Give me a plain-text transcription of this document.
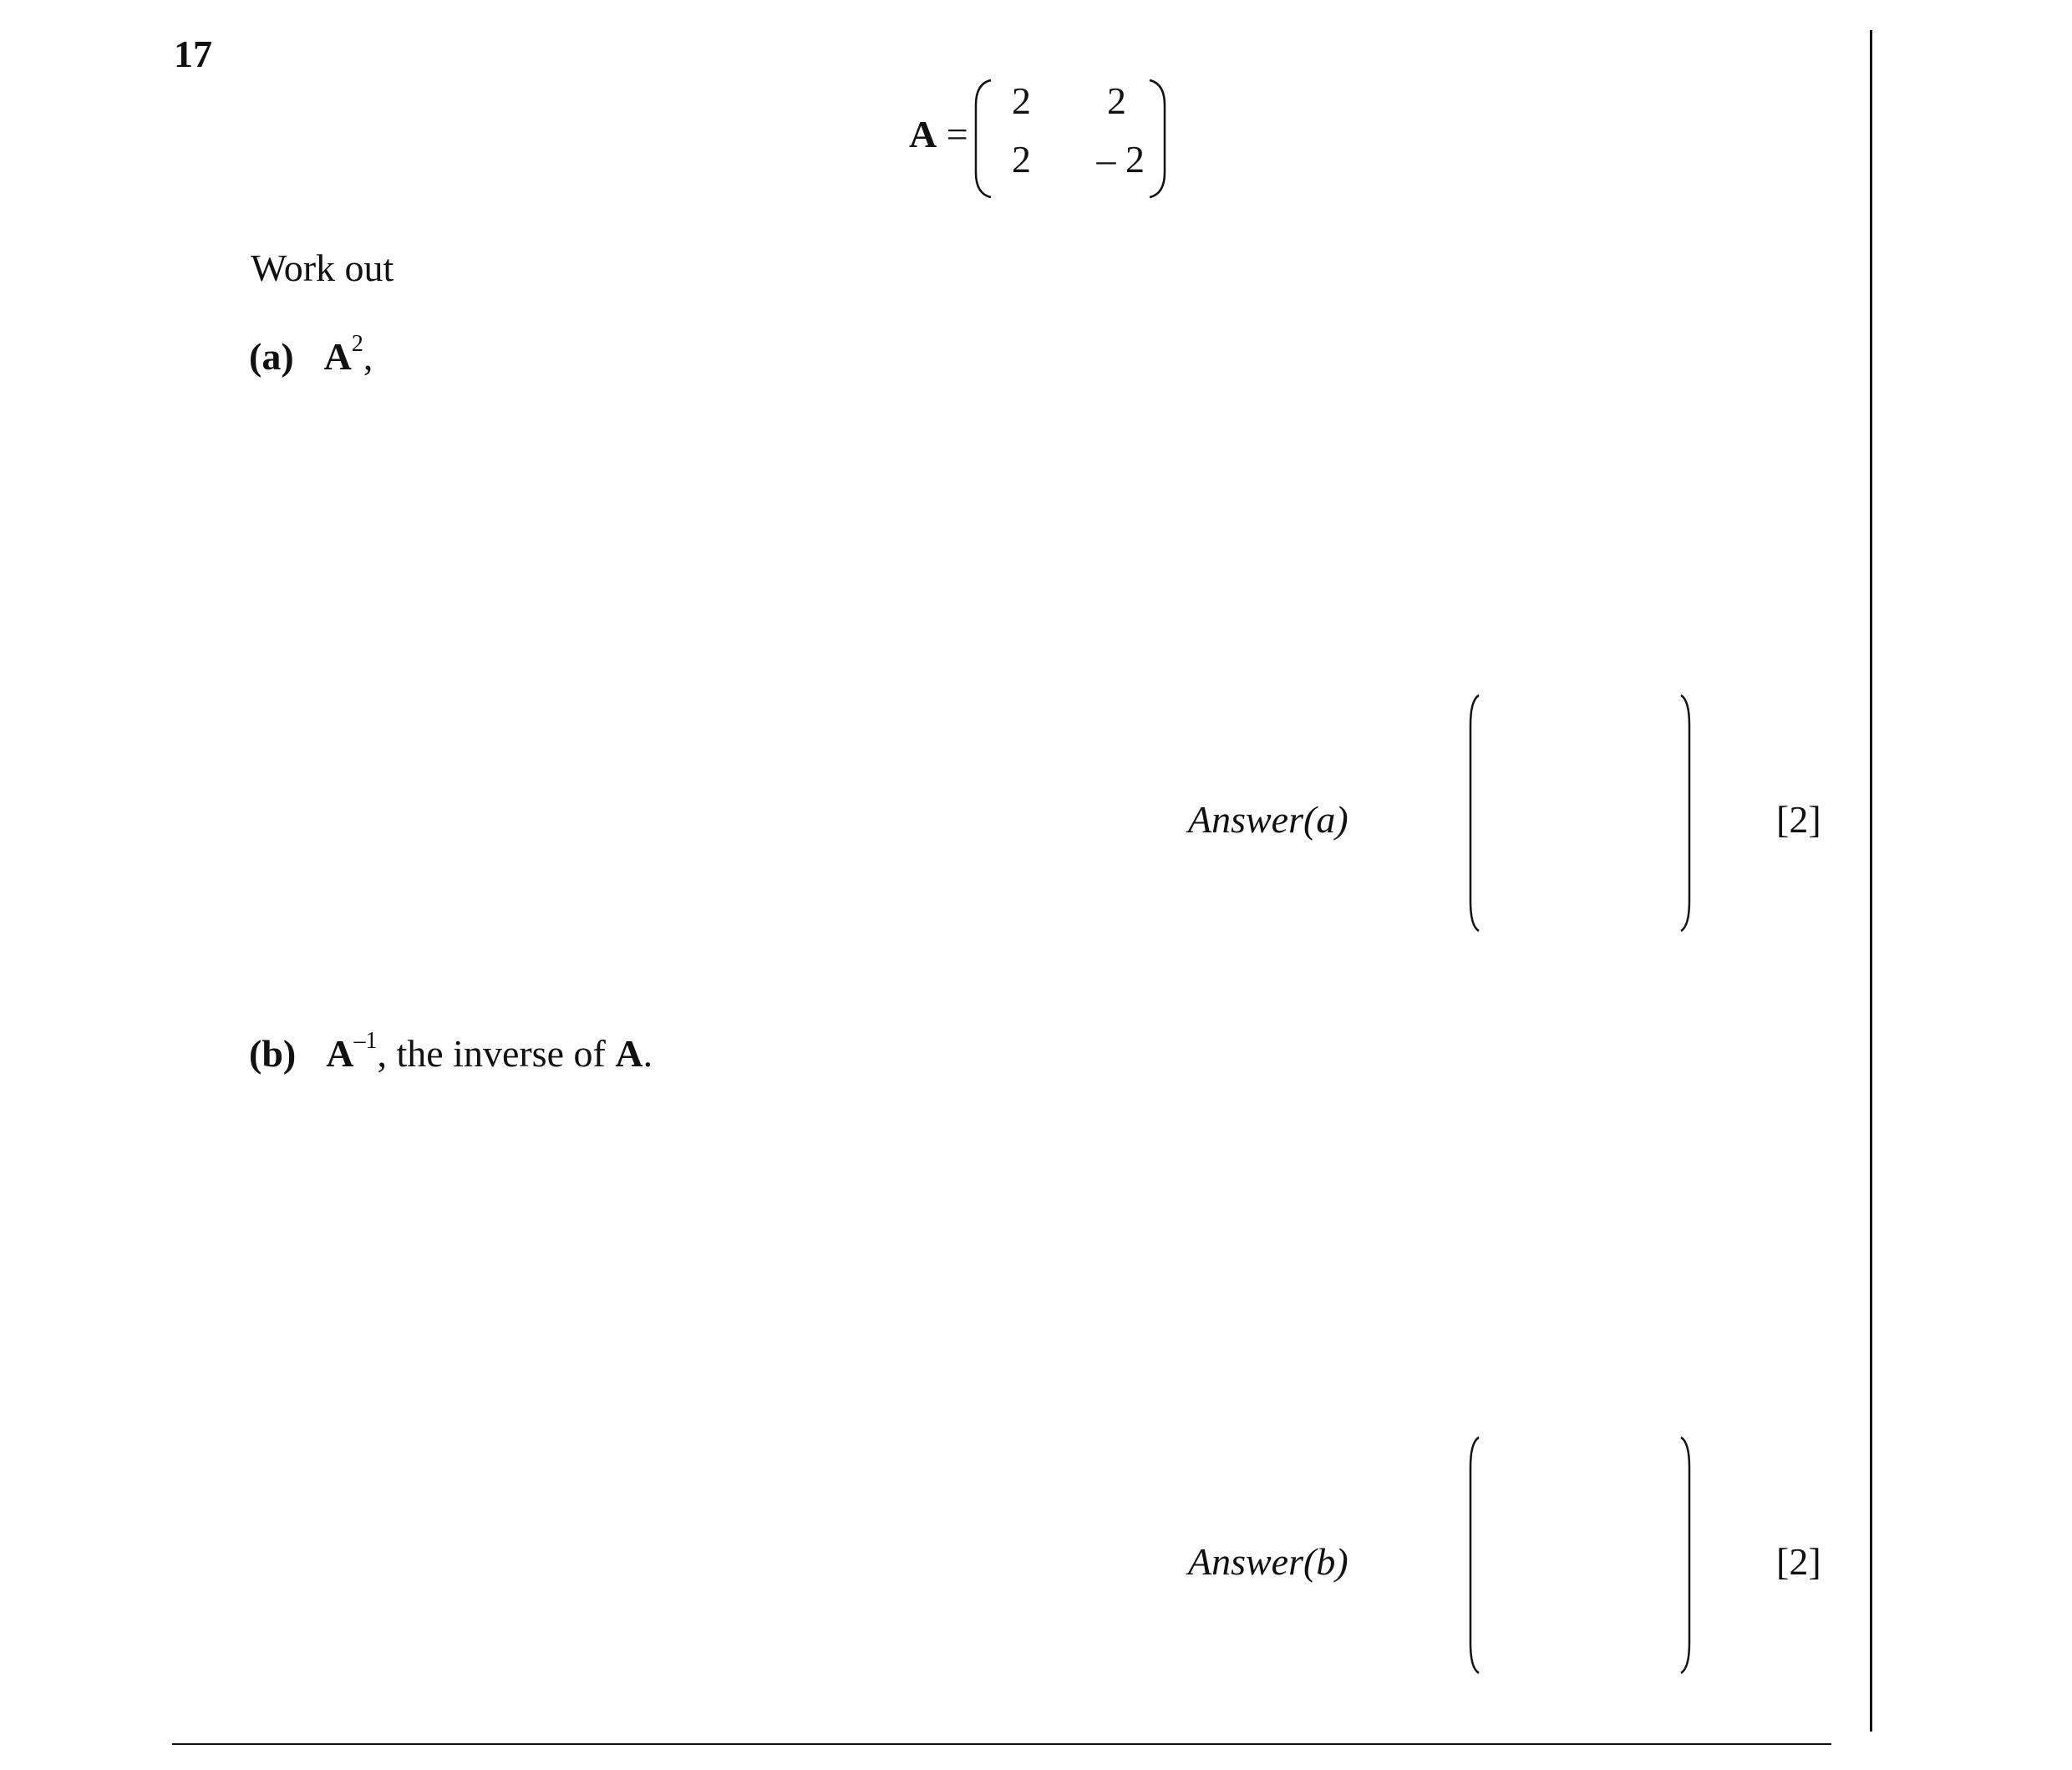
17
A =
2	2
2	– 2
Work out
(a) $A^2$,
Answer(a)	[2]
(b) $A^{-1}$, the inverse of A.
Answer(b)	[2]
